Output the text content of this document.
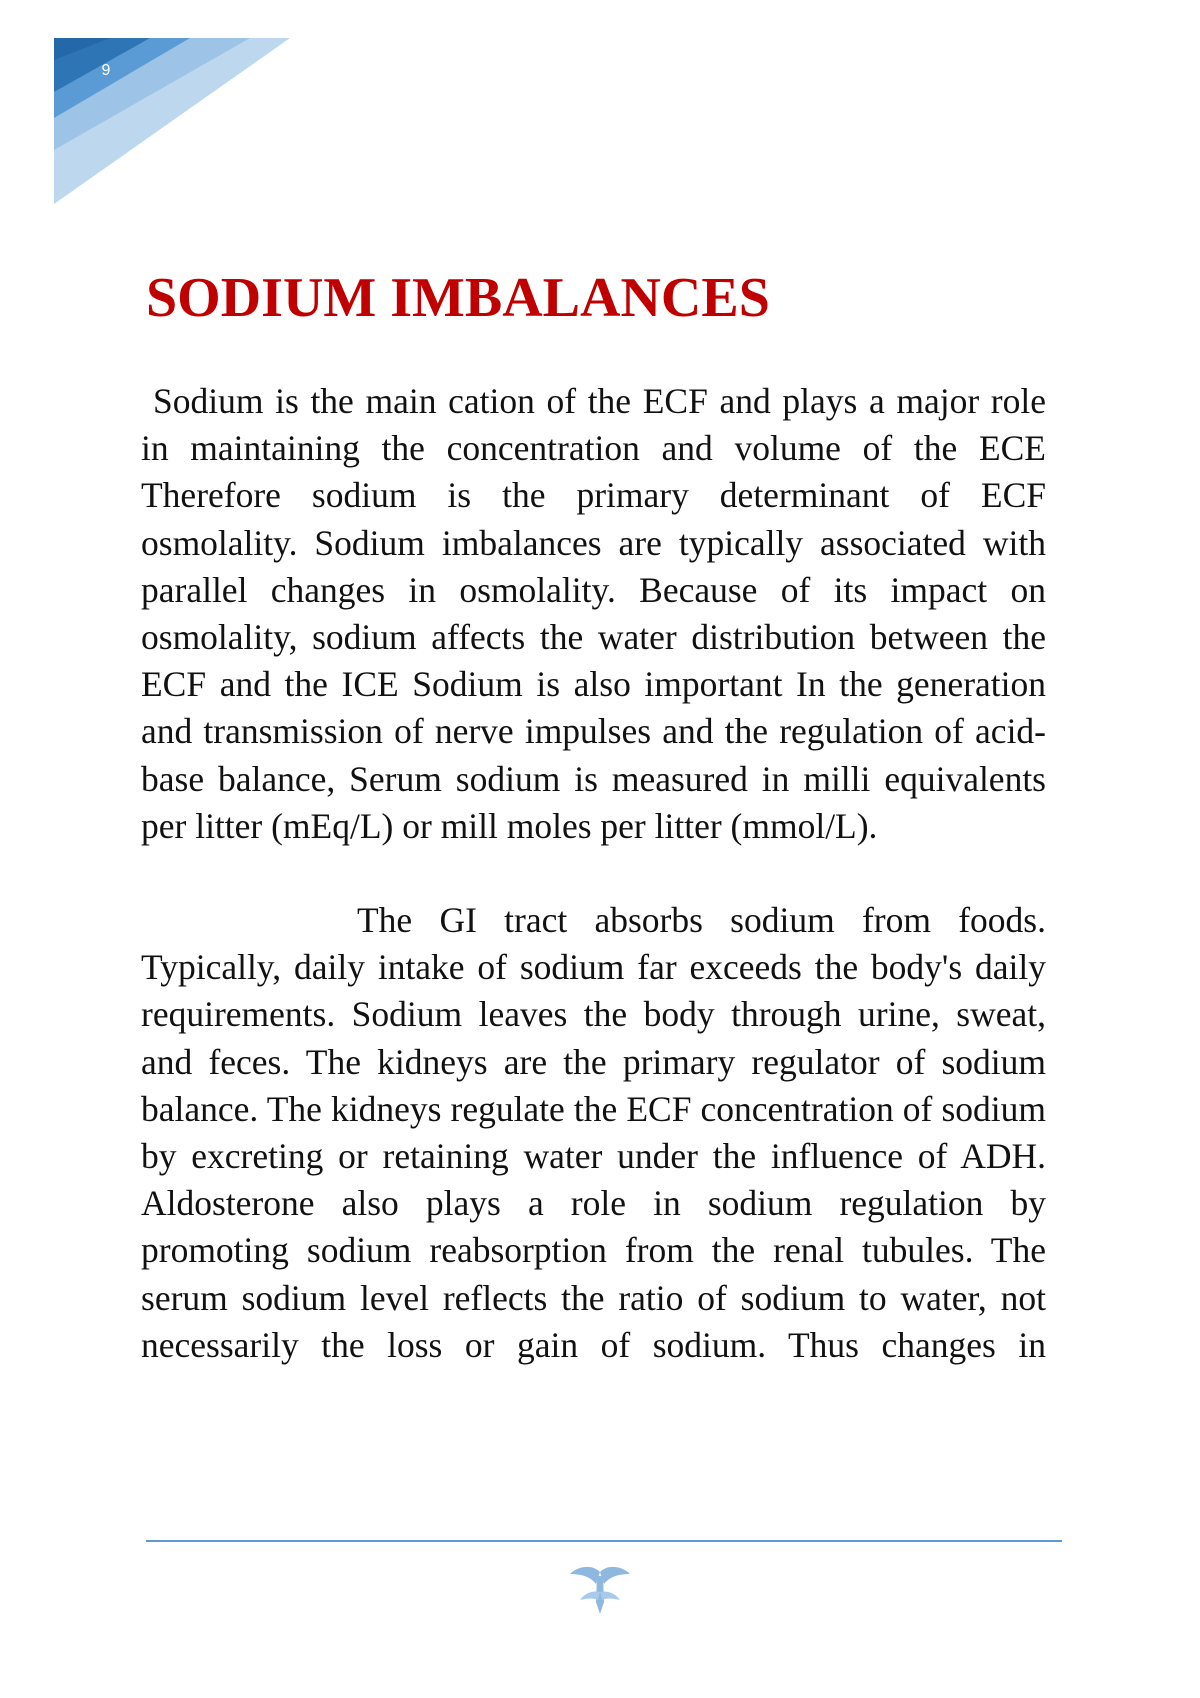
9
SODIUM IMBALANCES

Sodium is the main cation of the ECF and plays a major role in maintaining the concentration and volume of the ECE Therefore sodium is the primary determinant of ECF osmolality. Sodium imbalances are typically associated with parallel changes in osmolality. Because of its impact on osmolality, sodium affects the water distribution between the ECF and the ICE Sodium is also important In the generation and transmission of nerve impulses and the regulation of acid-base balance, Serum sodium is measured in milli equivalents per litter (mEq/L) or mill moles per litter (mmol/L).

The GI tract absorbs sodium from foods. Typically, daily intake of sodium far exceeds the body's daily requirements. Sodium leaves the body through urine, sweat, and feces. The kidneys are the primary regulator of sodium balance. The kidneys regulate the ECF concentration of sodium by excreting or retaining water under the influence of ADH. Aldosterone also plays a role in sodium regulation by promoting sodium reabsorption from the renal tubules. The serum sodium level reflects the ratio of sodium to water, not necessarily the loss or gain of sodium. Thus changes in
